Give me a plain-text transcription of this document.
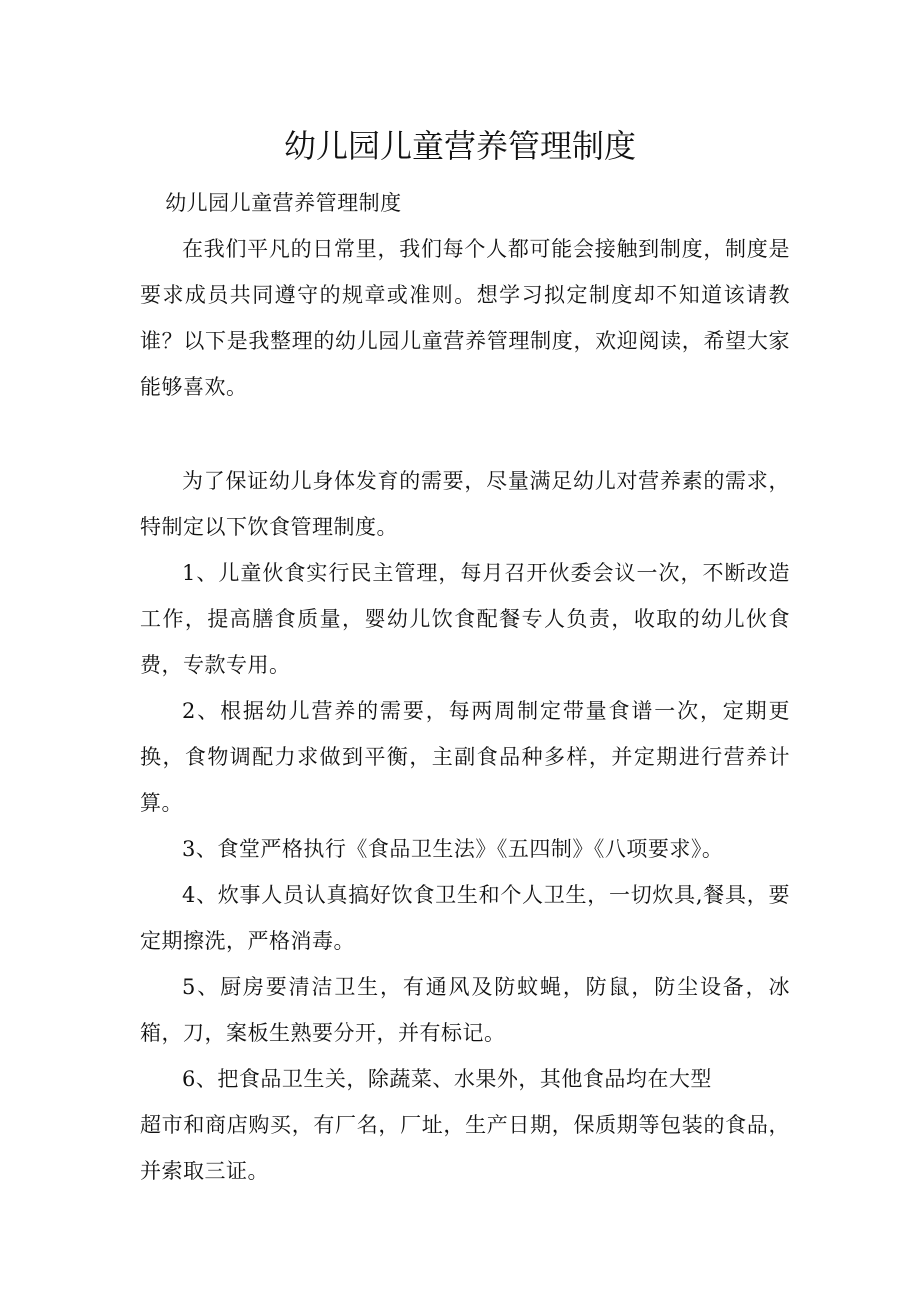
幼儿园儿童营养管理制度

幼儿园儿童营养管理制度

在我们平凡的日常里，我们每个人都可能会接触到制度，制度是要求成员共同遵守的规章或准则。想学习拟定制度却不知道该请教谁？以下是我整理的幼儿园儿童营养管理制度，欢迎阅读，希望大家能够喜欢。

为了保证幼儿身体发育的需要，尽量满足幼儿对营养素的需求，特制定以下饮食管理制度。

1、儿童伙食实行民主管理，每月召开伙委会议一次，不断改造工作，提高膳食质量，婴幼儿饮食配餐专人负责，收取的幼儿伙食费，专款专用。

2、根据幼儿营养的需要，每两周制定带量食谱一次，定期更换，食物调配力求做到平衡，主副食品种多样，并定期进行营养计算。

3、食堂严格执行《食品卫生法》《五四制》《八项要求》。

4、炊事人员认真搞好饮食卫生和个人卫生，一切炊具,餐具，要定期擦洗，严格消毒。

5、厨房要清洁卫生，有通风及防蚊蝇，防鼠，防尘设备，冰箱，刀，案板生熟要分开，并有标记。

6、把食品卫生关，除蔬菜、水果外，其他食品均在大型

超市和商店购买，有厂名，厂址，生产日期，保质期等包装的食品，并索取三证。
